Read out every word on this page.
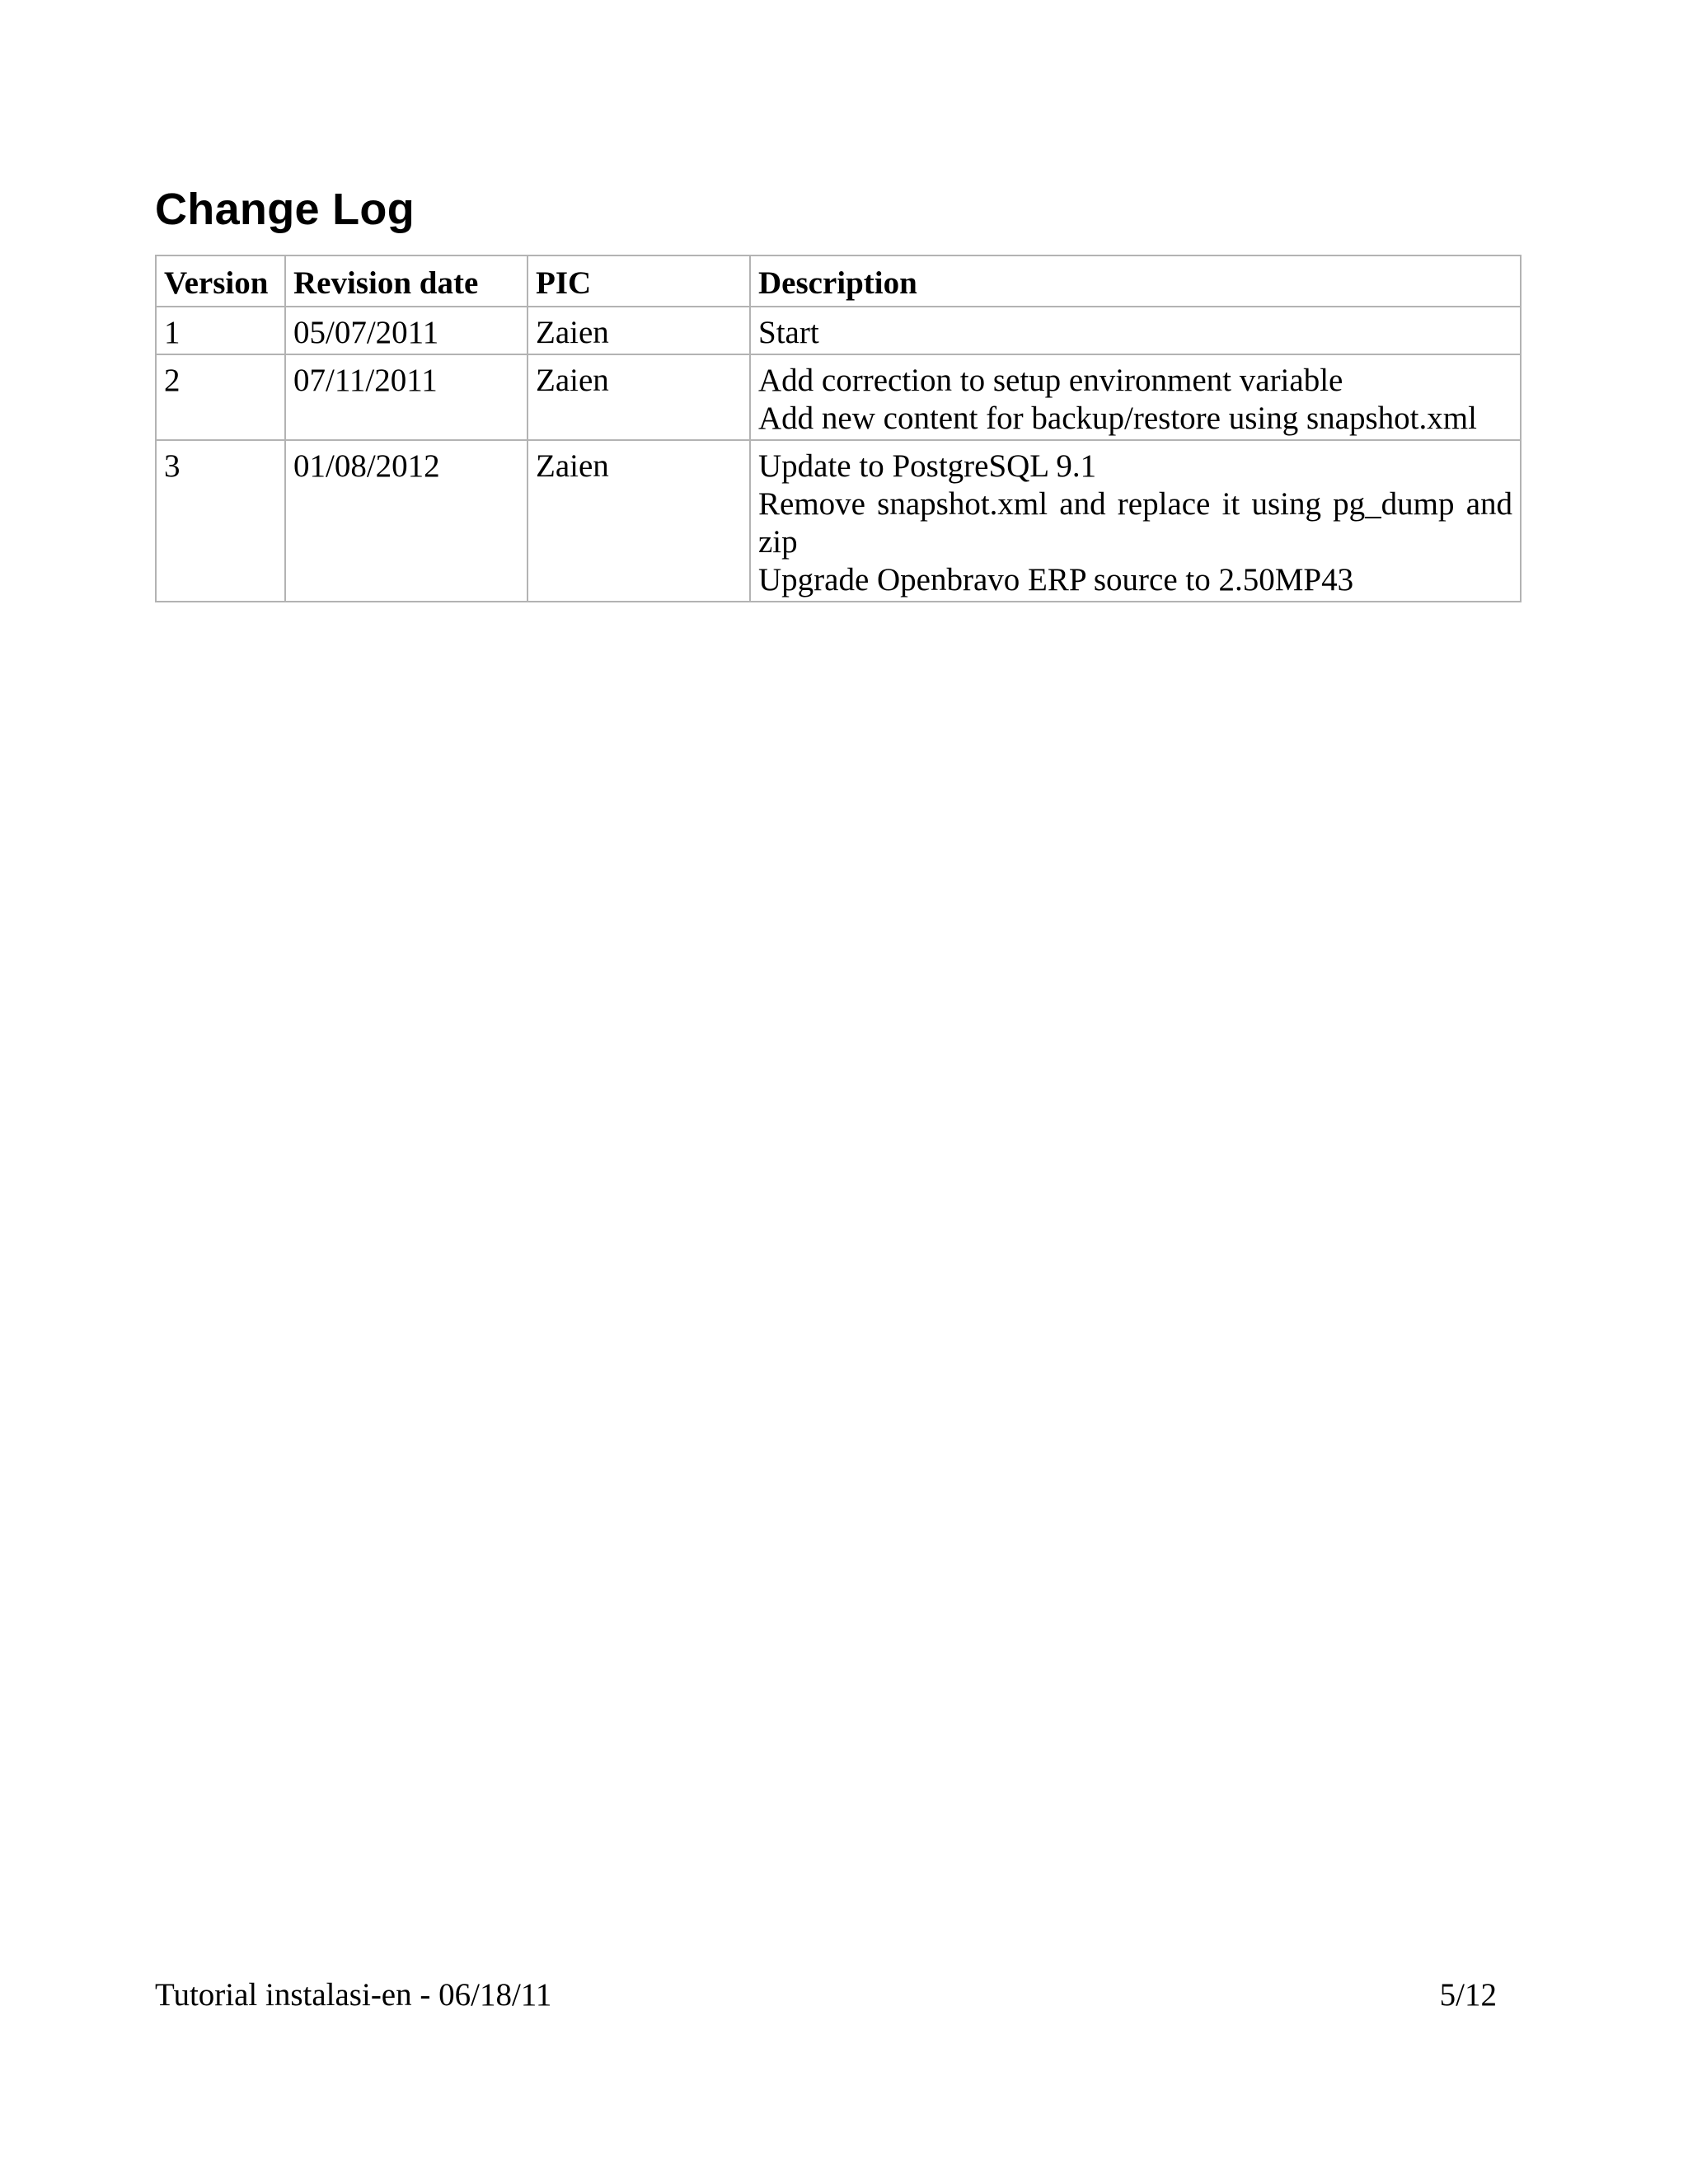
Change Log
Version	Revision date	PIC	Description
1	05/07/2011	Zaien	Start

2	07/11/2011	Zaien	Add correction to setup environment variable
Add new content for backup/restore using snapshot.xml

3	01/08/2012	Zaien	Update to PostgreSQL 9.1
Remove snapshot.xml and replace it using pg_dump and zip
Upgrade Openbravo ERP source to 2.50MP43
Tutorial instalasi-en - 06/18/11	5/12
